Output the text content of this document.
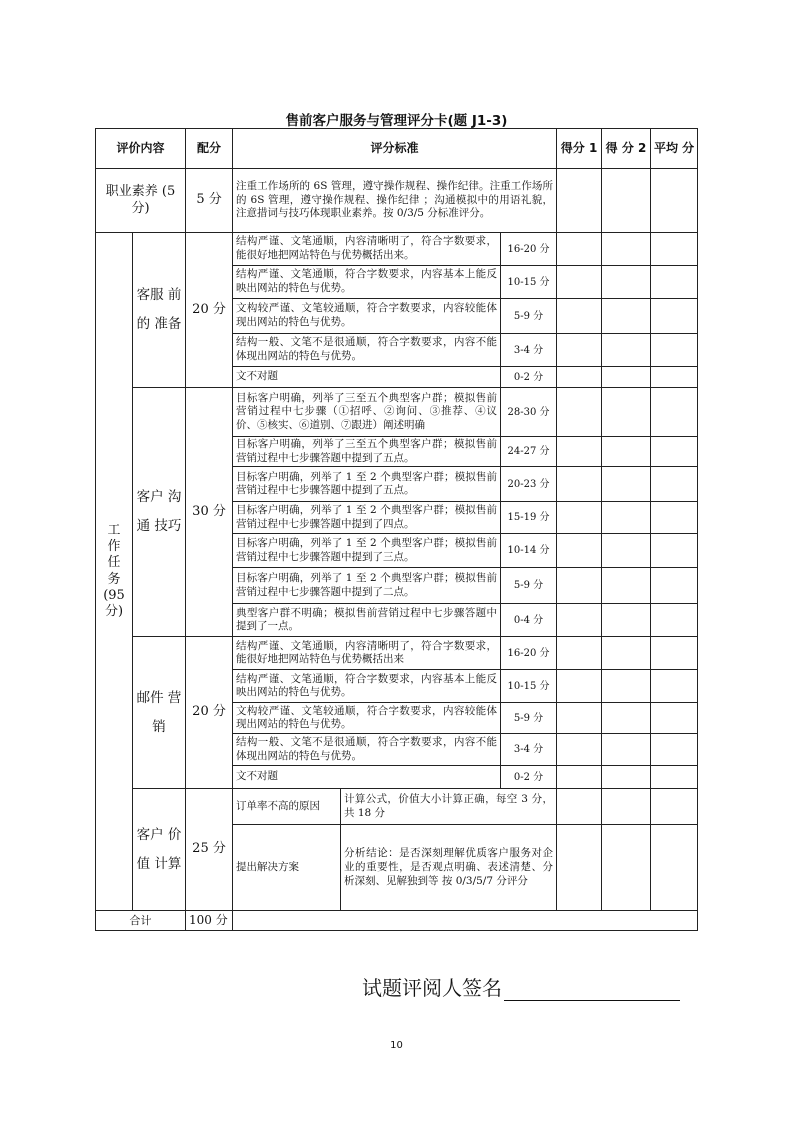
售前客户服务与管理评分卡(题 J1-3)
评价内容		配分	评分标准			得分 1	得 分 2	平均 分
职业素养 (5 分)		5 分	注重工作场所的 6S 管理，遵守操作规程、操作纪律。注重工作场所的 6S 管理，遵守操作规程、操作纪律 ；沟通模拟中的用语礼貌，注意措词与技巧体现职业素养。按 0/3/5 分标准评分。					
工 作 任 务 (95 分)	客服 前的 准备	20 分	结构严谨、文笔通顺，内容清晰明了，符合字数要求，能很好地把网站特色与优势概括出来。		16-20 分			
			结构严谨、文笔通顺，符合字数要求，内容基本上能反映出网站的特色与优势。		10-15 分			
			文构较严谨、文笔较通顺，符合字数要求，内容较能体现出网站的特色与优势。		5-9 分			
			结构一般、文笔不是很通顺，符合字数要求，内容不能体现出网站的特色与优势。		3-4 分			
			文不对题		0-2 分			
	客户 沟通 技巧	30 分	目标客户明确，列举了三至五个典型客户群；模拟售前营销过程中七步骤（①招呼、②询问、③推荐、④议价、⑤核实、⑥道别、⑦跟进）阐述明确		28-30 分			
			目标客户明确，列举了三至五个典型客户群；模拟售前营销过程中七步骤答题中提到了五点。		24-27 分			
			目标客户明确，列举了 1 至 2 个典型客户群；模拟售前营销过程中七步骤答题中提到了五点。		20-23 分			
			目标客户明确，列举了 1 至 2 个典型客户群；模拟售前营销过程中七步骤答题中提到了四点。		15-19 分			
			目标客户明确，列举了 1 至 2 个典型客户群；模拟售前营销过程中七步骤答题中提到了三点。		10-14 分			
			目标客户明确，列举了 1 至 2 个典型客户群；模拟售前营销过程中七步骤答题中提到了二点。		5-9 分			
			典型客户群不明确；模拟售前营销过程中七步骤答题中提到了一点。		0-4 分			
	邮件 营销	20 分	结构严谨、文笔通顺，内容清晰明了，符合字数要求，能很好地把网站特色与优势概括出来		16-20 分			
			结构严谨、文笔通顺，符合字数要求，内容基本上能反映出网站的特色与优势。		10-15 分			
			文构较严谨、文笔较通顺，符合字数要求，内容较能体现出网站的特色与优势。		5-9 分			
			结构一般、文笔不是很通顺，符合字数要求，内容不能体现出网站的特色与优势。		3-4 分			
			文不对题		0-2 分			
	客户 价值 计算	25 分	订单率不高的原因	计算公式，价值大小计算正确，每空 3 分，共 18 分				
			提出解决方案	分析结论：是否深刻理解优质客户服务对企业的重要性，是否观点明确、表述清楚、分析深刻、见解独到等 按 0/3/5/7 分评分				
合计		100 分						
试题评阅人签名
10
